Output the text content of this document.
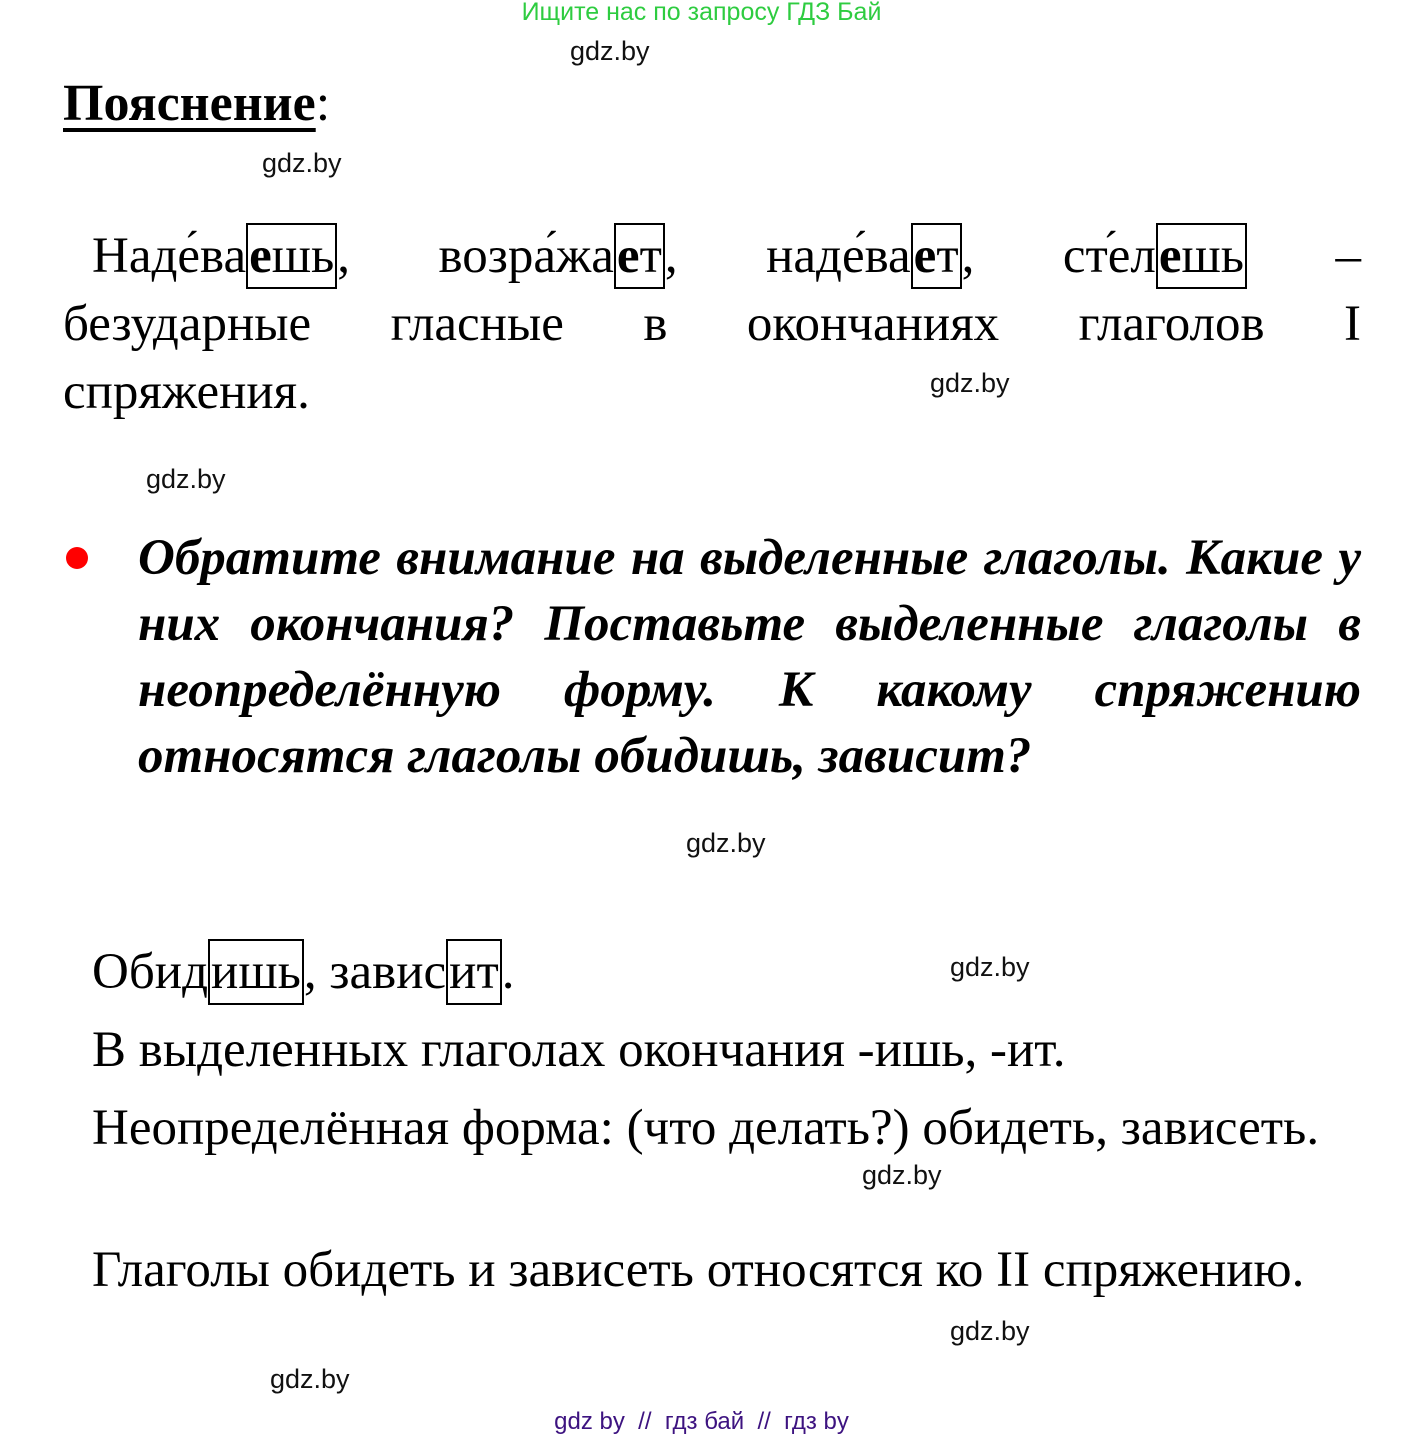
Ищите нас по запросу ГДЗ Бай
gdz.by
Пояснение:
gdz.by
Надева ´ешь, возража ´ет, надева ´ет, сте ´лешь –
безударные гласные в окончаниях глаголов I
спряжения.	gdz.by
gdz.by
Обратите внимание на выделенные глаголы. Какие у них окончания? Поставьте выделенные глаголы в неопределённую форму. К какому спряжению относятся глаголы обидишь, зависит?
gdz.by
Обидишь, зависит.	gdz.by
В выделенных глаголах окончания -ишь, -ит.
Неопределённая форма: (что делать?) обидеть, зависеть.
gdz.by
Глаголы обидеть и зависеть относятся ко II спряжению.
gdz.by
gdz.by
gdz by  //  гдз бай  //  гдз by
